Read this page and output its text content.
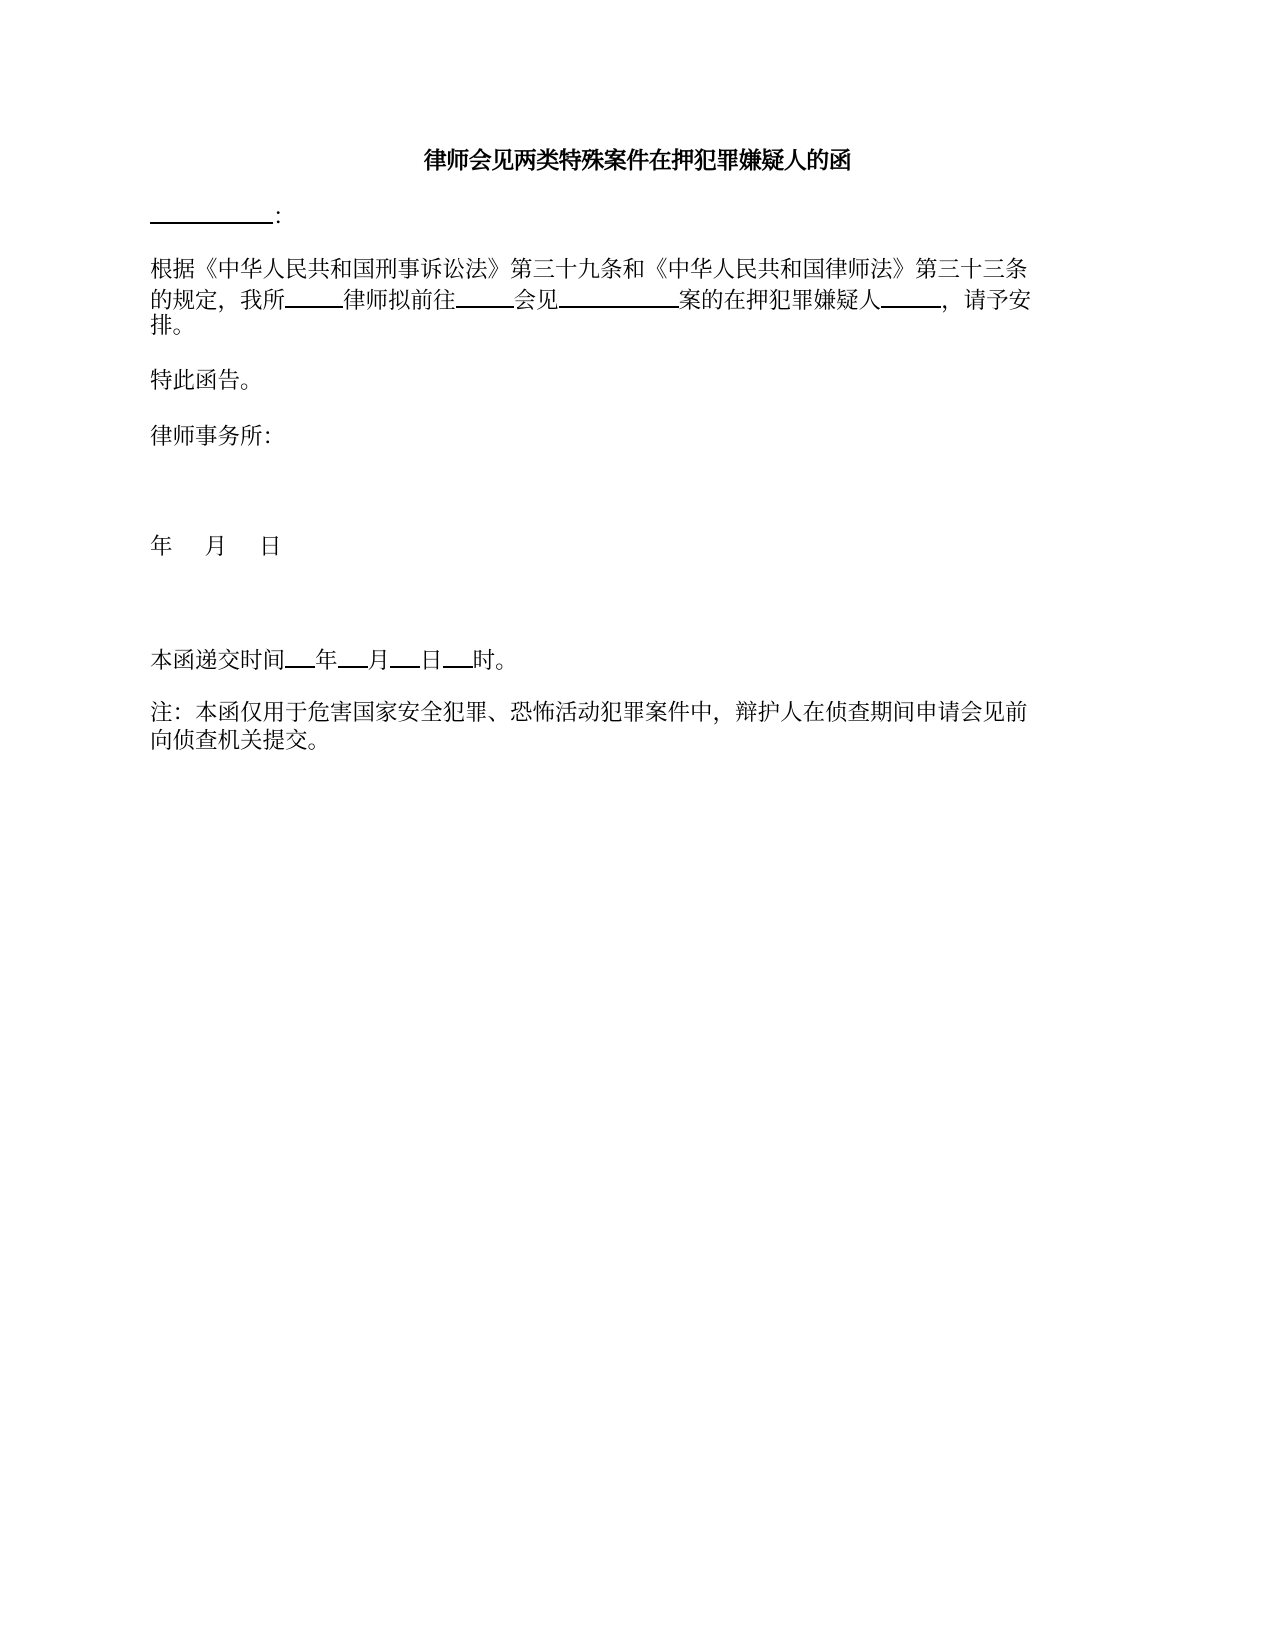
律师会见两类特殊案件在押犯罪嫌疑人的函
：
根据《中华人民共和国刑事诉讼法》第三十九条和《中华人民共和国律师法》第三十三条
的规定，我所	律师拟前往	会见	案的在押犯罪嫌疑人	，请予安
排。
特此函告。
律师事务所：
年 月 日
本函递交时间 年 月 日 时。
注：本函仅用于危害国家安全犯罪、恐怖活动犯罪案件中，辩护人在侦查期间申请会见前
向侦查机关提交。
